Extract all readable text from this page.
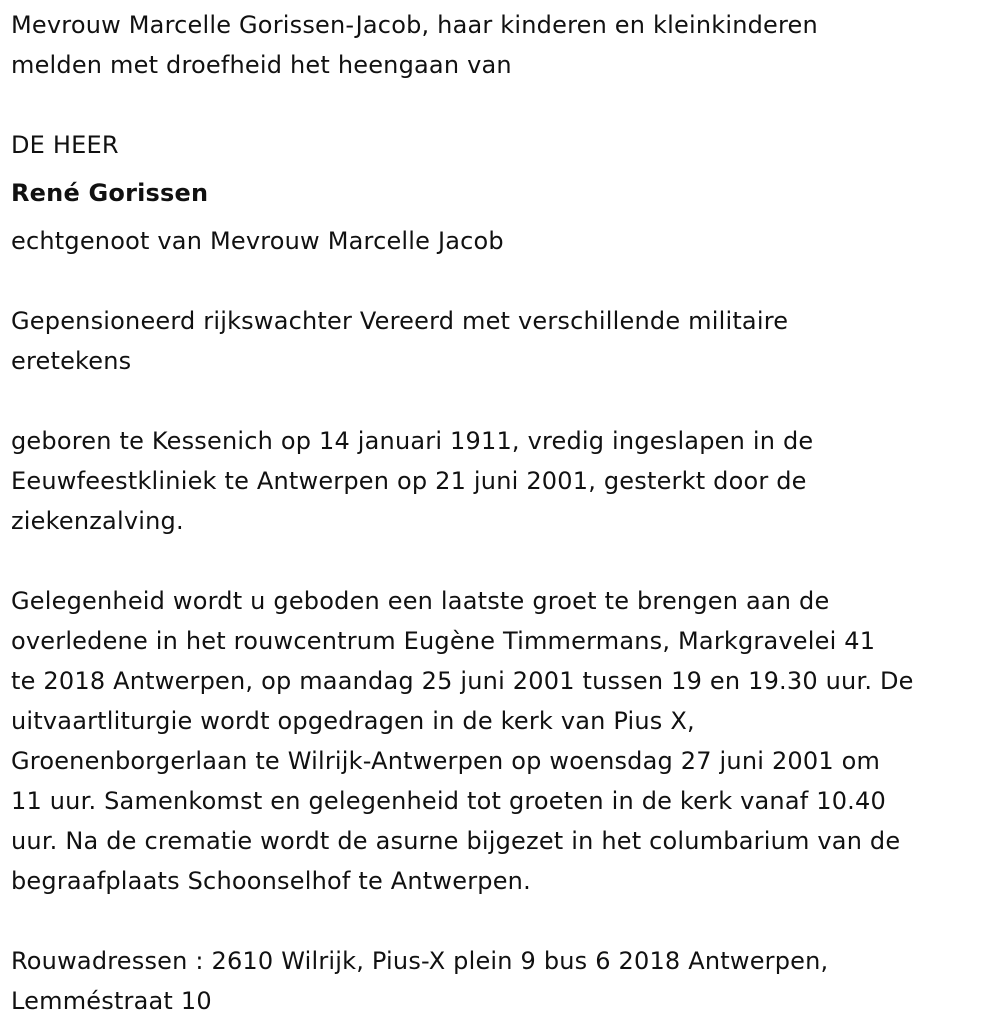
Mevrouw Marcelle Gorissen-Jacob, haar kinderen en kleinkinderen
melden met droefheid het heengaan van
DE HEER
René Gorissen
echtgenoot van Mevrouw Marcelle Jacob
Gepensioneerd rijkswachter Vereerd met verschillende militaire
eretekens
geboren te Kessenich op 14 januari 1911, vredig ingeslapen in de
Eeuwfeestkliniek te Antwerpen op 21 juni 2001, gesterkt door de
ziekenzalving.
Gelegenheid wordt u geboden een laatste groet te brengen aan de
overledene in het rouwcentrum Eugène Timmermans, Markgravelei 41
te 2018 Antwerpen, op maandag 25 juni 2001 tussen 19 en 19.30 uur. De
uitvaartliturgie wordt opgedragen in de kerk van Pius X,
Groenenborgerlaan te Wilrijk-Antwerpen op woensdag 27 juni 2001 om
11 uur. Samenkomst en gelegenheid tot groeten in de kerk vanaf 10.40
uur. Na de crematie wordt de asurne bijgezet in het columbarium van de
begraafplaats Schoonselhof te Antwerpen.
Rouwadressen : 2610 Wilrijk, Pius-X plein 9 bus 6 2018 Antwerpen,
Lemméstraat 10
